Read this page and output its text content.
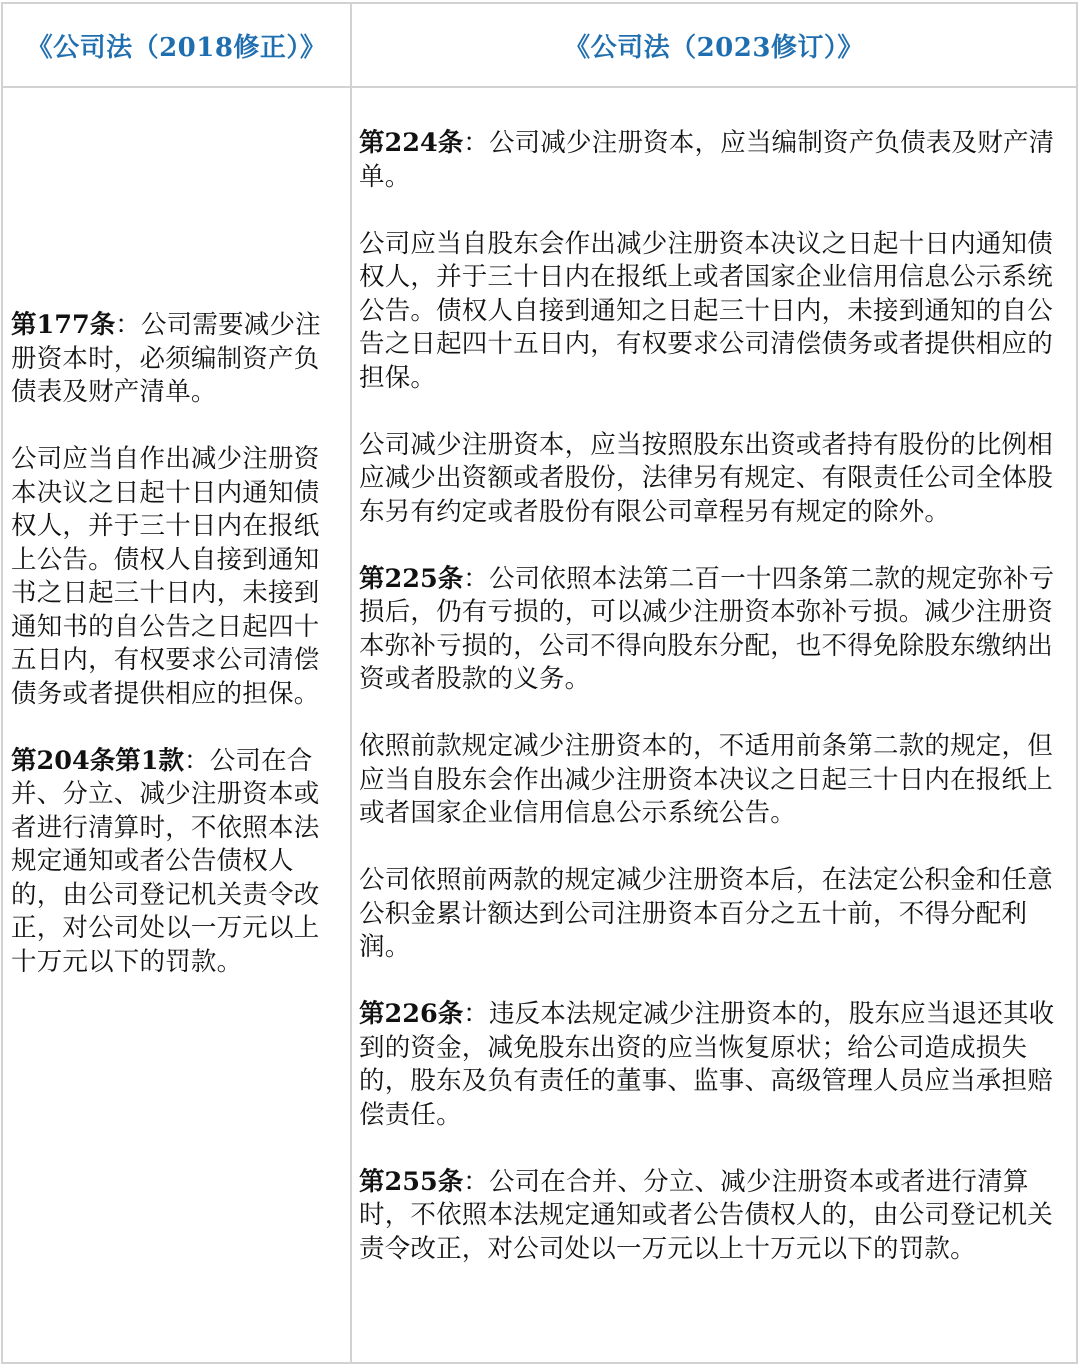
《公司法（2018修正）》	《公司法（2023修订）》

第177条：公司需要减少注册资本时，必须编制资产负债表及财产清单。

公司应当自作出减少注册资本决议之日起十日内通知债权人，并于三十日内在报纸上公告。债权人自接到通知书之日起三十日内，未接到通知书的自公告之日起四十五日内，有权要求公司清偿债务或者提供相应的担保。

第204条第1款：公司在合并、分立、减少注册资本或者进行清算时，不依照本法规定通知或者公告债权人的，由公司登记机关责令改正，对公司处以一万元以上十万元以下的罚款。

第224条：公司减少注册资本，应当编制资产负债表及财产清单。

公司应当自股东会作出减少注册资本决议之日起十日内通知债权人，并于三十日内在报纸上或者国家企业信用信息公示系统公告。债权人自接到通知之日起三十日内，未接到通知的自公告之日起四十五日内，有权要求公司清偿债务或者提供相应的担保。

公司减少注册资本，应当按照股东出资或者持有股份的比例相应减少出资额或者股份，法律另有规定、有限责任公司全体股东另有约定或者股份有限公司章程另有规定的除外。

第225条：公司依照本法第二百一十四条第二款的规定弥补亏损后，仍有亏损的，可以减少注册资本弥补亏损。减少注册资本弥补亏损的，公司不得向股东分配，也不得免除股东缴纳出资或者股款的义务。

依照前款规定减少注册资本的，不适用前条第二款的规定，但应当自股东会作出减少注册资本决议之日起三十日内在报纸上或者国家企业信用信息公示系统公告。

公司依照前两款的规定减少注册资本后，在法定公积金和任意公积金累计额达到公司注册资本百分之五十前，不得分配利润。

第226条：违反本法规定减少注册资本的，股东应当退还其收到的资金，减免股东出资的应当恢复原状；给公司造成损失的，股东及负有责任的董事、监事、高级管理人员应当承担赔偿责任。

第255条：公司在合并、分立、减少注册资本或者进行清算时，不依照本法规定通知或者公告债权人的，由公司登记机关责令改正，对公司处以一万元以上十万元以下的罚款。
